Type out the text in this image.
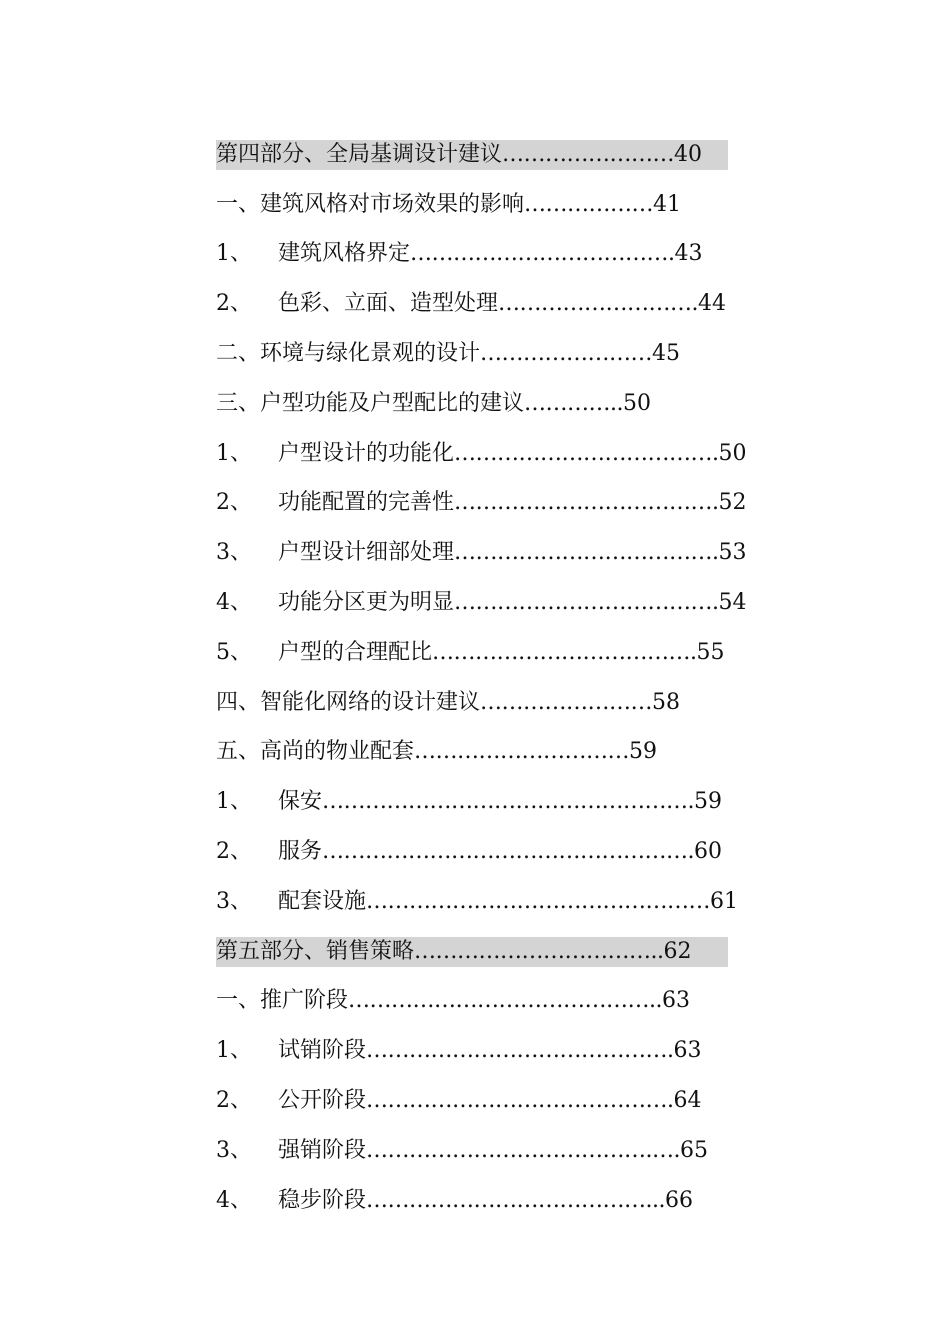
第四部分、全局基调设计建议 …………………… 40
一、建筑风格对市场效果的影响 ……………… 41
1、	建筑风格界定 ………………………………. 43
2、	色彩、立面、造型处理 ………………………. 44
二、环境与绿化景观的设计 …………………… 45
三、户型功能及户型配比的建议 ………….. 50
1、	户型设计的功能化 ………………………………. 50
2、	功能配置的完善性 ………………………………. 52
3、	户型设计细部处理 ………………………………. 53
4、	功能分区更为明显 ………………………………. 54
5、	户型的合理配比 ………………………………. 55
四、智能化网络的设计建议 …………………… 58
五、高尚的物业配套 ………………………… 59
1、	保安 ……………………………………………. 59
2、	服务 ……………………………………………. 60
3、	配套设施 ………………………………………… 61
第五部分、销售策略 …………………………….. 62
一、推广阶段 …………………………………….. 63
1、	试销阶段 ……………………………………. 63
2、	公开阶段 ……………………………………. 64
3、	强销阶段 ………………………………….…. 65
4、	稳步阶段 …………………………………... 66
